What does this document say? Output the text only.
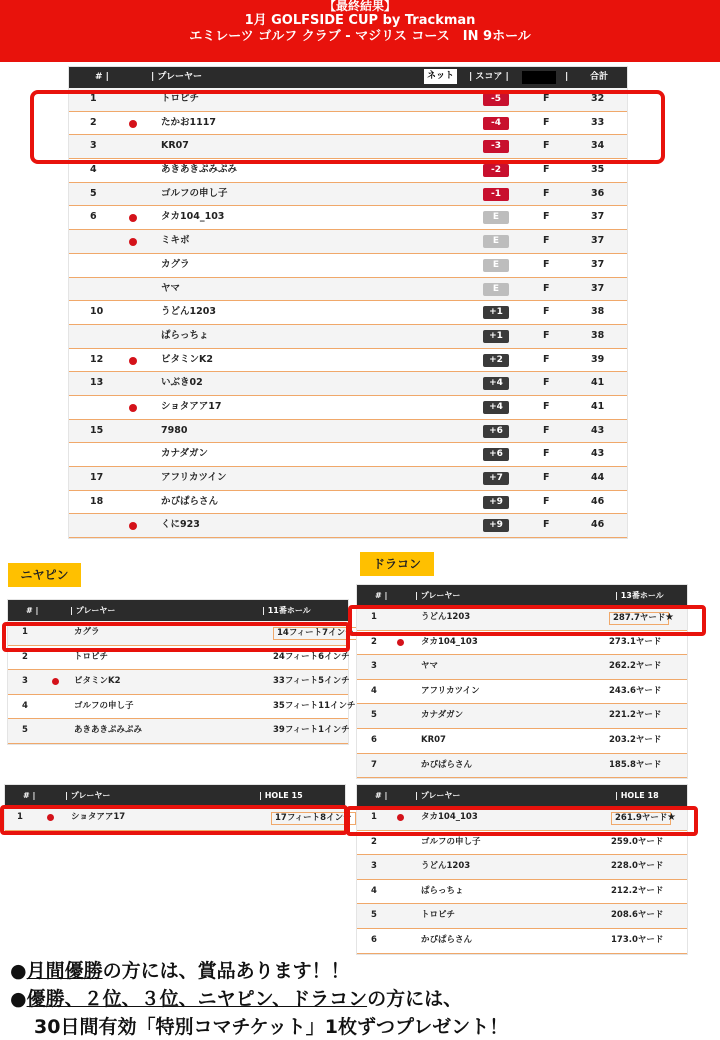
【最終結果】
1月 GOLFSIDE CUP by Trackman
エミレーツ ゴルフ クラブ - マジリス コース　IN 9ホール
# |	| プレーヤー	ネット	| スコア |	| 合計
1	トロピチ	-5	F	32
2	たかお1117	-4	F	33
3	KR07	-3	F	34
4	あきあきぷみぷみ	-2	F	35
5	ゴルフの申し子	-1	F	36
6	タカ104_103	E	F	37
ミキボ	E	F	37
カグラ	E	F	37
ヤマ	E	F	37
10	うどん1203	+1	F	38
ぱらっちょ	+1	F	38
12	ビタミンK2	+2	F	39
13	いぶき02	+4	F	41
ショタアア17	+4	F	41
15	7980	+6	F	43
カナダガン	+6	F	43
17	アフリカツイン	+7	F	44
18	かぴぱらさん	+9	F	46
くに923	+9	F	46
ニヤピン
ドラコン
# |	| プレーヤー	| 11番ホール
1	カグラ	14フィート7インチ
2	トロピチ	24フィート6インチ
3	ビタミンK2	33フィート5インチ
4	ゴルフの申し子	35フィート11インチ
5	あきあきぷみぷみ	39フィート1インチ
# |	| プレーヤー	| 13番ホール
1	うどん1203	287.7ヤード ★
2	タカ104_103	273.1ヤード
3	ヤマ	262.2ヤード
4	アフリカツイン	243.6ヤード
5	カナダガン	221.2ヤード
6	KR07	203.2ヤード
7	かぴぱらさん	185.8ヤード
# |	| プレーヤー	| HOLE 15
1	ショタアア17	17フィート8インチ
# |	| プレーヤー	| HOLE 18
1	タカ104_103	261.9ヤード ★
2	ゴルフの申し子	259.0ヤード
3	うどん1203	228.0ヤード
4	ぱらっちょ	212.2ヤード
5	トロピチ	208.6ヤード
6	かぴぱらさん	173.0ヤード
●月間優勝の方には、賞品あります！！
●優勝、２位、３位、ニヤピン、ドラコンの方には、
30日間有効「特別コマチケット」1枚ずつプレゼント！
